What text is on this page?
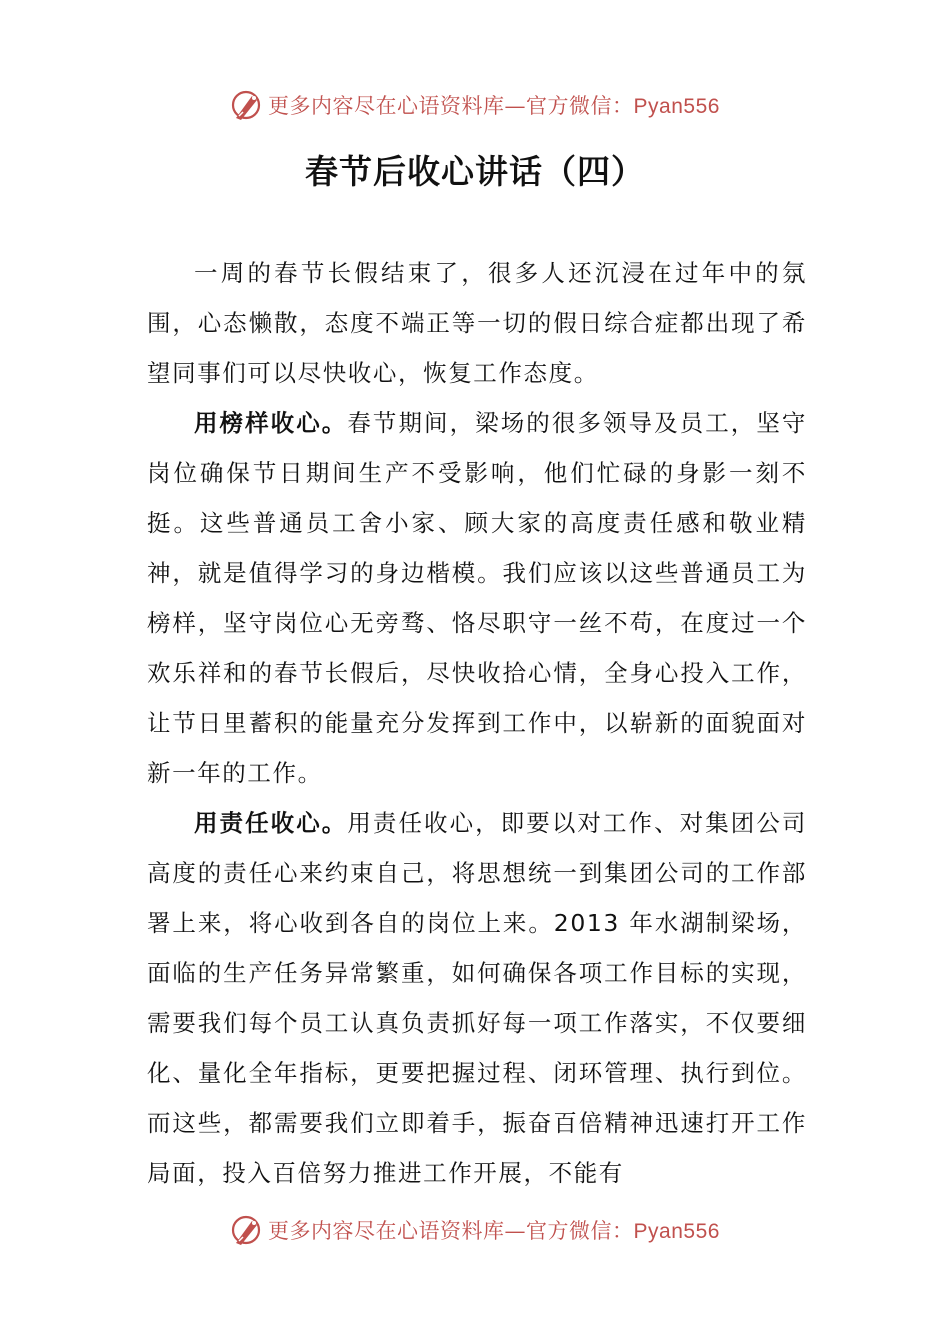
更多内容尽在心语资料库—官方微信：Pyan556
春节后收心讲话（四）

一周的春节长假结束了，很多人还沉浸在过年中的氛围，心态懒散，态度不端正等一切的假日综合症都出现了希望同事们可以尽快收心，恢复工作态度。

用榜样收心。春节期间，梁场的很多领导及员工，坚守岗位确保节日期间生产不受影响，他们忙碌的身影一刻不挺。这些普通员工舍小家、顾大家的高度责任感和敬业精神，就是值得学习的身边楷模。我们应该以这些普通员工为榜样，坚守岗位心无旁骛、恪尽职守一丝不苟，在度过一个欢乐祥和的春节长假后，尽快收拾心情，全身心投入工作，让节日里蓄积的能量充分发挥到工作中，以崭新的面貌面对新一年的工作。

用责任收心。用责任收心，即要以对工作、对集团公司高度的责任心来约束自己，将思想统一到集团公司的工作部署上来，将心收到各自的岗位上来。2013 年水湖制梁场，面临的生产任务异常繁重，如何确保各项工作目标的实现，需要我们每个员工认真负责抓好每一项工作落实，不仅要细化、量化全年指标，更要把握过程、闭环管理、执行到位。而这些，都需要我们立即着手，振奋百倍精神迅速打开工作局面，投入百倍努力推进工作开展，不能有

更多内容尽在心语资料库—官方微信：Pyan556
